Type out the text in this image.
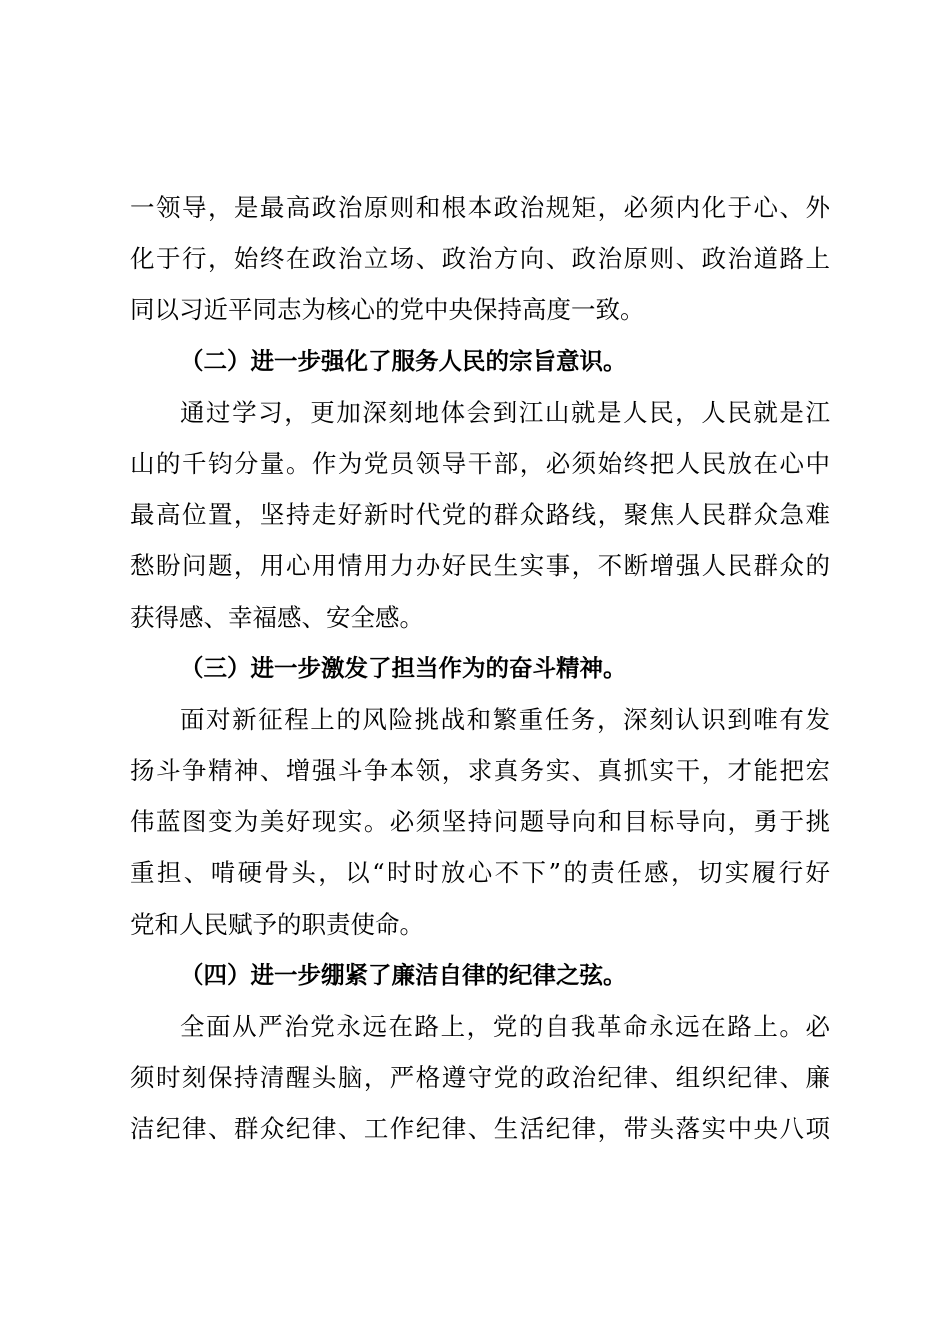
一领导，是最高政治原则和根本政治规矩，必须内化于心、外
化于行，始终在政治立场、政治方向、政治原则、政治道路上
同以习近平同志为核心的党中央保持高度一致。
（二）进一步强化了服务人民的宗旨意识。
通过学习，更加深刻地体会到江山就是人民，人民就是江
山的千钧分量。作为党员领导干部，必须始终把人民放在心中
最高位置，坚持走好新时代党的群众路线，聚焦人民群众急难
愁盼问题，用心用情用力办好民生实事，不断增强人民群众的
获得感、幸福感、安全感。
（三）进一步激发了担当作为的奋斗精神。
面对新征程上的风险挑战和繁重任务，深刻认识到唯有发
扬斗争精神、增强斗争本领，求真务实、真抓实干，才能把宏
伟蓝图变为美好现实。必须坚持问题导向和目标导向，勇于挑
重担、啃硬骨头，以“时时放心不下”的责任感，切实履行好
党和人民赋予的职责使命。
（四）进一步绷紧了廉洁自律的纪律之弦。
全面从严治党永远在路上，党的自我革命永远在路上。必
须时刻保持清醒头脑，严格遵守党的政治纪律、组织纪律、廉
洁纪律、群众纪律、工作纪律、生活纪律，带头落实中央八项
